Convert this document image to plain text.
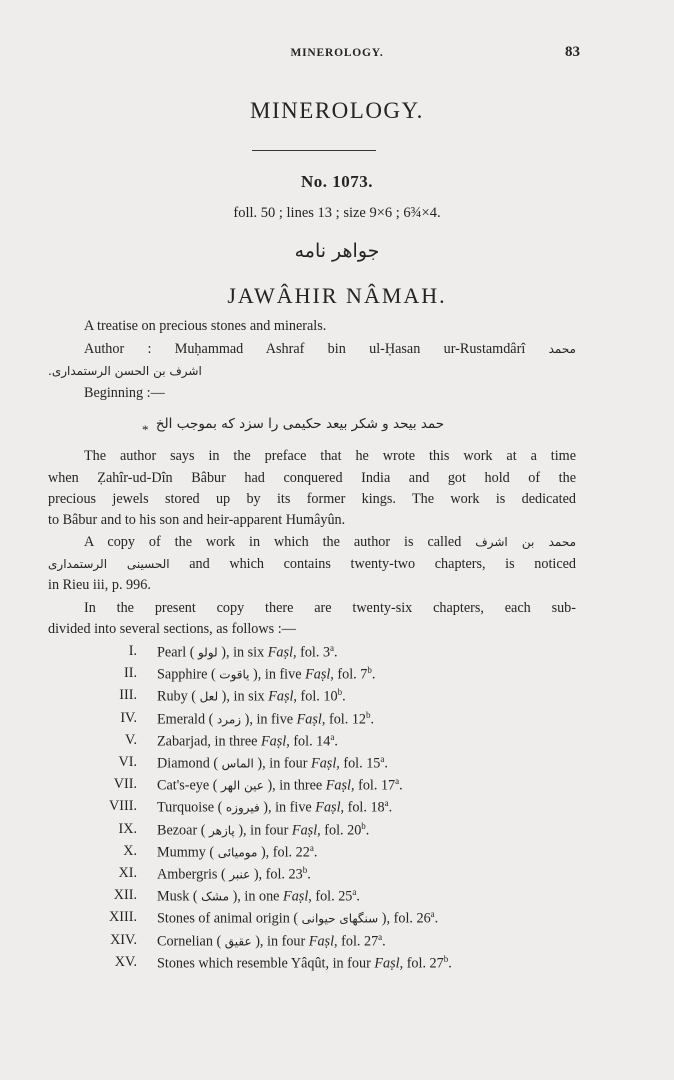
MINEROLOGY.	83
MINEROLOGY.
No. 1073.
foll. 50 ; lines 13 ; size 9×6 ; 6¾×4.
جواهر نامه
JAWÂHIR NÂMAH.
A treatise on precious stones and minerals.
Author : Muḥammad Ashraf bin ul-Ḥasan ur-Rustamdârî محمد
اشرف بن الحسن الرستمداری.
Beginning :—
* حمد بيحد و شکر بيعد حکيمی را سزد که بموجب الخ
The author says in the preface that he wrote this work at a time
when Ẓahîr-ud-Dîn Bâbur had conquered India and got hold of the
precious jewels stored up by its former kings. The work is dedicated
to Bâbur and to his son and heir-apparent Humâyûn.
A copy of the work in which the author is called محمد بن اشرف
الحسينی الرستمداری and which contains twenty-two chapters, is noticed
in Rieu iii, p. 996.
In the present copy there are twenty-six chapters, each sub-
divided into several sections, as follows :—
I. Pearl ( لولو ), in six Faṣl, fol. 3$^a$.
II. Sapphire ( ياقوت ), in five Faṣl, fol. 7$^b$.
III. Ruby ( لعل ), in six Faṣl, fol. 10$^b$.
IV. Emerald ( زمرد ), in five Faṣl, fol. 12$^b$.
V. Zabarjad, in three Faṣl, fol. 14$^a$.
VI. Diamond ( الماس ), in four Faṣl, fol. 15$^a$.
VII. Cat's-eye ( عين الهر ), in three Faṣl, fol. 17$^a$.
VIII. Turquoise ( فيروزه ), in five Faṣl, fol. 18$^a$.
IX. Bezoar ( پازهر ), in four Faṣl, fol. 20$^b$.
X. Mummy ( موميائی ), fol. 22$^a$.
XI. Ambergris ( عنبر ), fol. 23$^b$.
XII. Musk ( مشک ), in one Faṣl, fol. 25$^a$.
XIII. Stones of animal origin ( سنگهای حيوانی ), fol. 26$^a$.
XIV. Cornelian ( عقيق ), in four Faṣl, fol. 27$^a$.
XV. Stones which resemble Yâqût, in four Faṣl, fol. 27$^b$.
